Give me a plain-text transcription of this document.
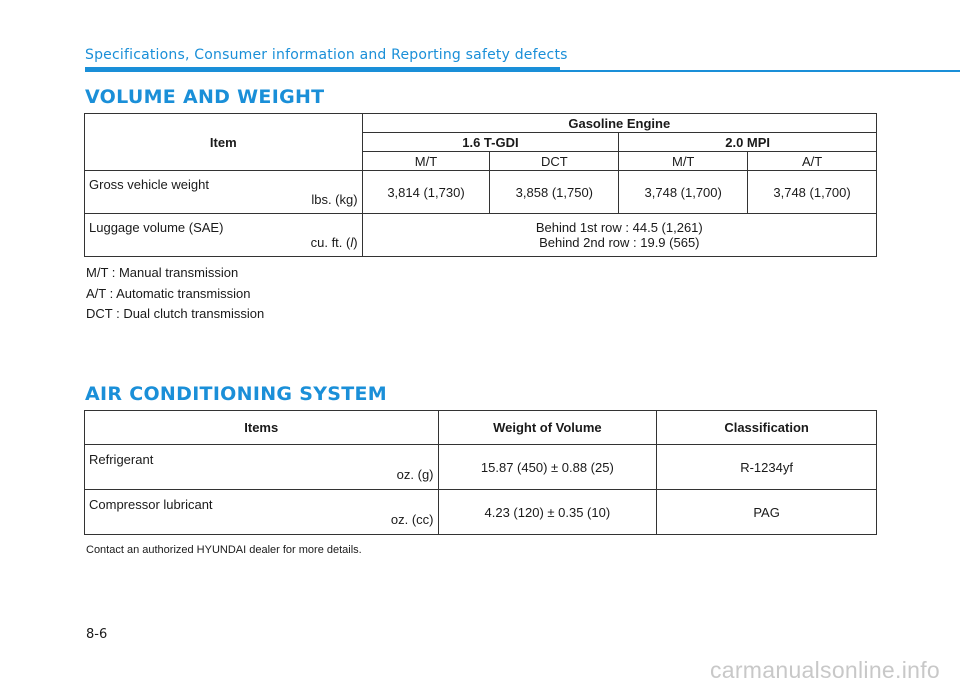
Specifications, Consumer information and Reporting safety defects
VOLUME AND WEIGHT
Item	Gasoline Engine			
	1.6 T-GDI		2.0 MPI	
	M/T	DCT	M/T	A/T

Gross vehicle weight
lbs. (kg)	3,814 (1,730)	3,858 (1,750)	3,748 (1,700)	3,748 (1,700)

Luggage volume (SAE)
cu. ft. (l)	Behind 1st row : 44.5 (1,261)
Behind 2nd row : 19.9 (565)			
M/T : Manual transmission
A/T : Automatic transmission
DCT : Dual clutch transmission
AIR CONDITIONING SYSTEM
Items	Weight of Volume	Classification

Refrigerant
oz. (g)	15.87 (450) ± 0.88 (25)	R-1234yf

Compressor lubricant
oz. (cc)	4.23 (120) ± 0.35 (10)	PAG
Contact an authorized HYUNDAI dealer for more details.
8-6
carmanualsonline.info
